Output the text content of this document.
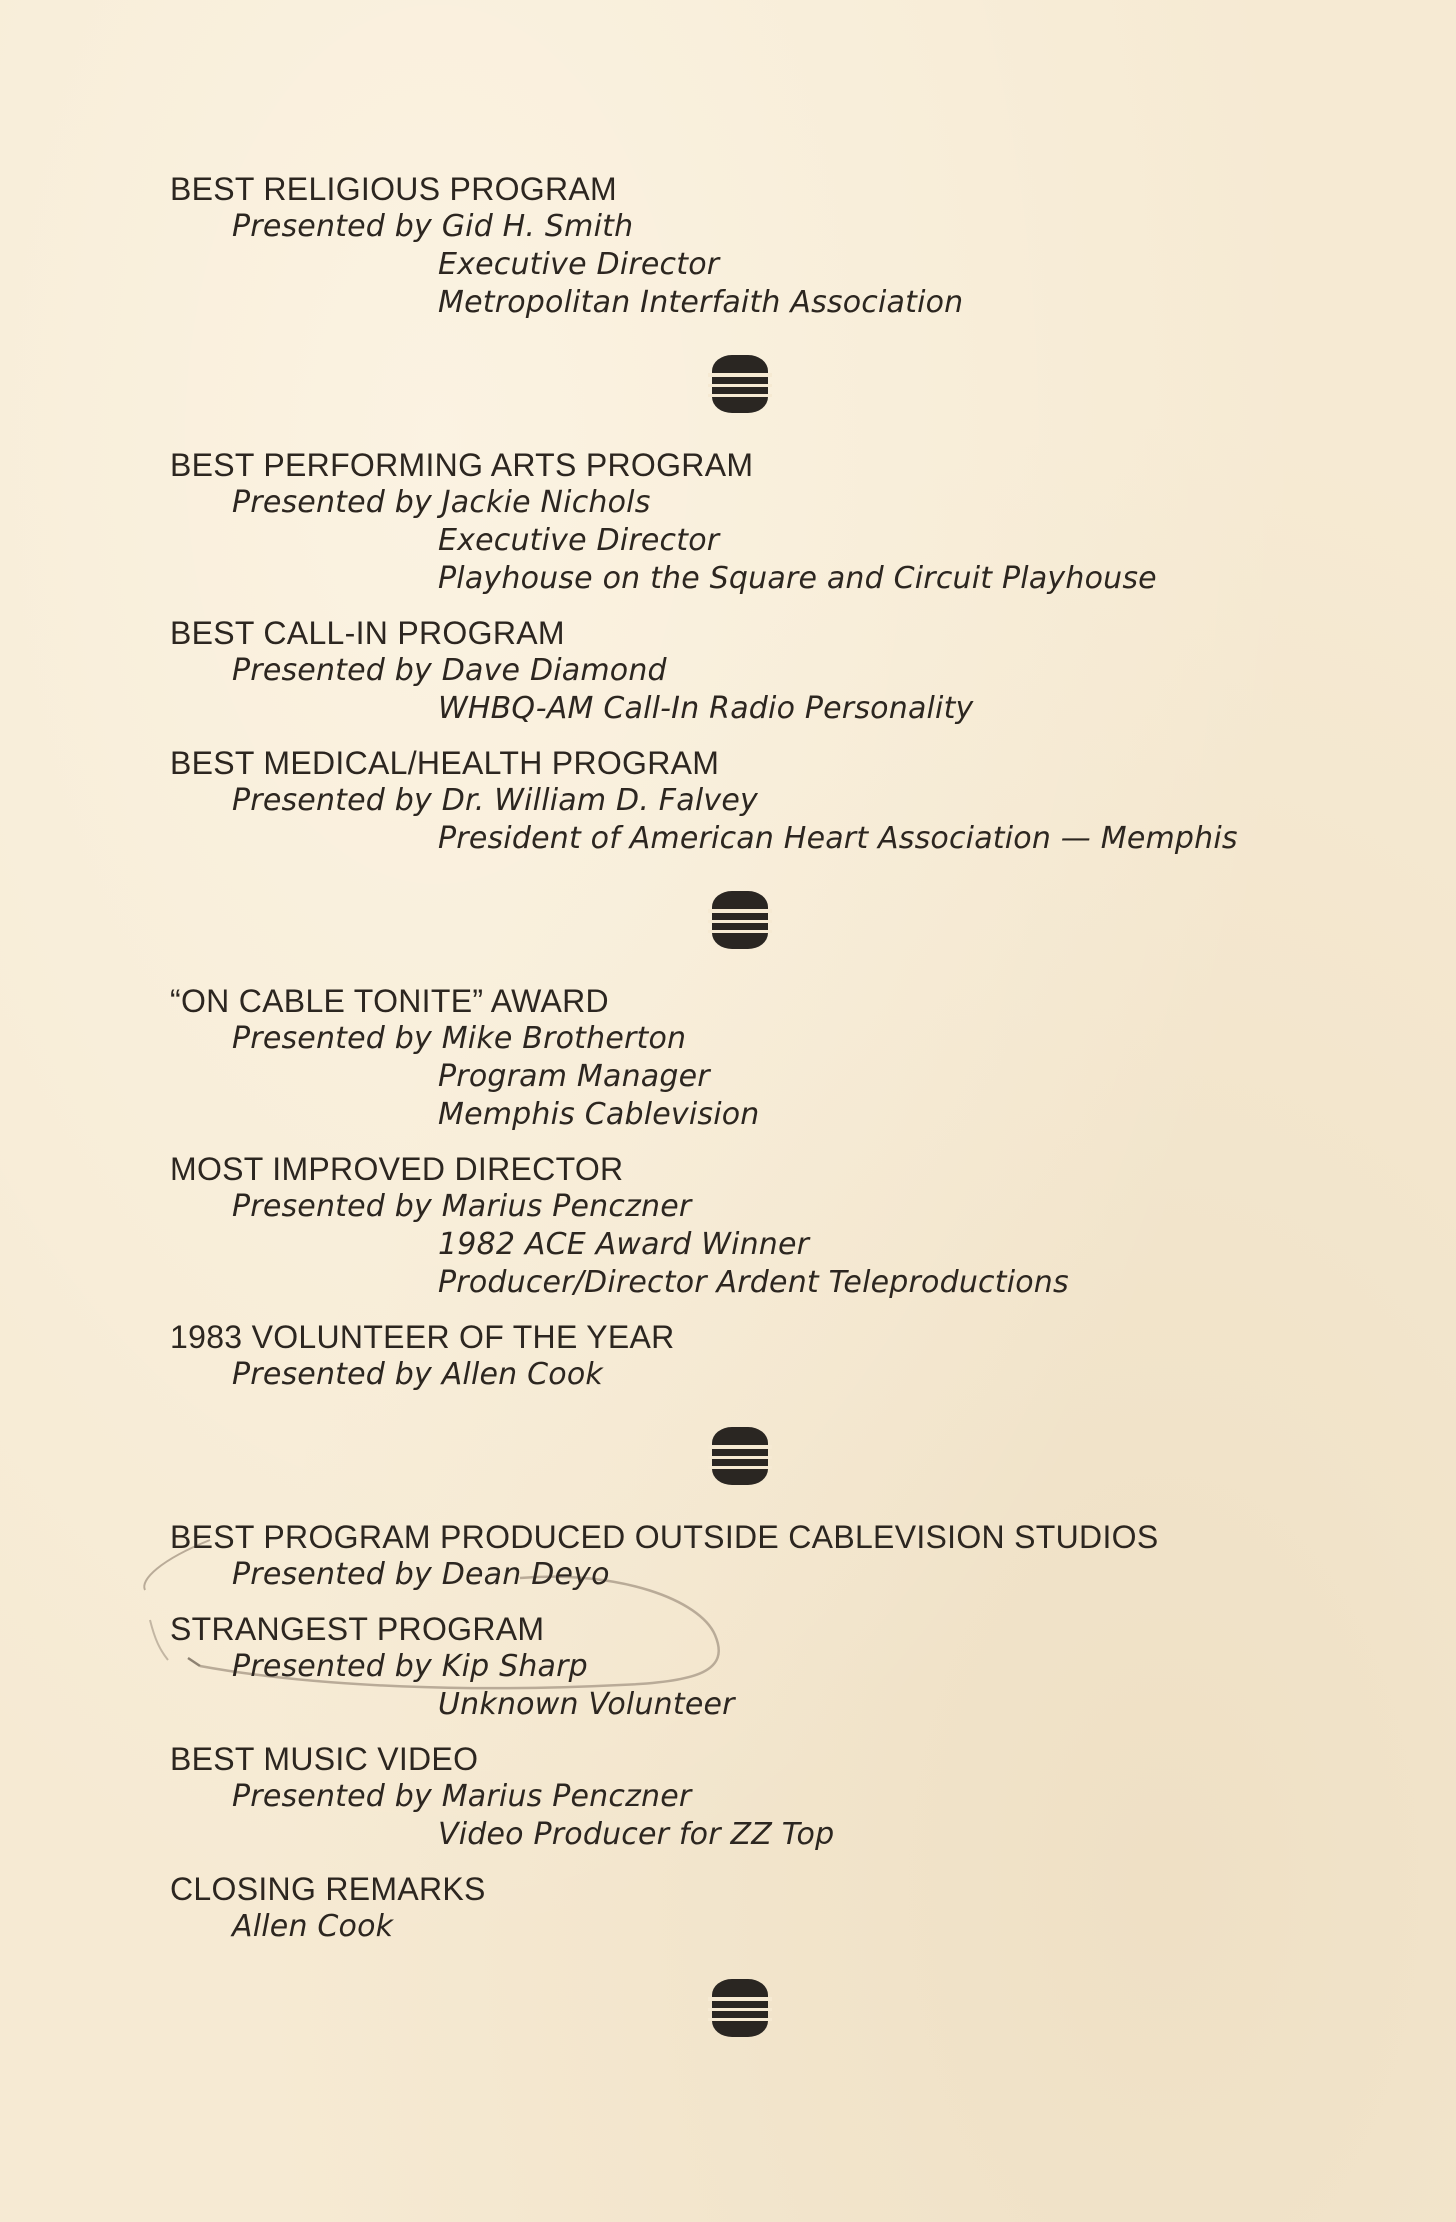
BEST RELIGIOUS PROGRAM
Presented by Gid H. Smith
Executive Director
Metropolitan Interfaith Association
BEST PERFORMING ARTS PROGRAM
Presented by Jackie Nichols
Executive Director
Playhouse on the Square and Circuit Playhouse
BEST CALL-IN PROGRAM
Presented by Dave Diamond
WHBQ-AM Call-In Radio Personality
BEST MEDICAL/HEALTH PROGRAM
Presented by Dr. William D. Falvey
President of American Heart Association — Memphis
“ON CABLE TONITE” AWARD
Presented by Mike Brotherton
Program Manager
Memphis Cablevision
MOST IMPROVED DIRECTOR
Presented by Marius Penczner
1982 ACE Award Winner
Producer/Director Ardent Teleproductions
1983 VOLUNTEER OF THE YEAR
Presented by Allen Cook
BEST PROGRAM PRODUCED OUTSIDE CABLEVISION STUDIOS
Presented by Dean Deyo
STRANGEST PROGRAM
Presented by Kip Sharp
Unknown Volunteer
BEST MUSIC VIDEO
Presented by Marius Penczner
Video Producer for ZZ Top
CLOSING REMARKS
Allen Cook
